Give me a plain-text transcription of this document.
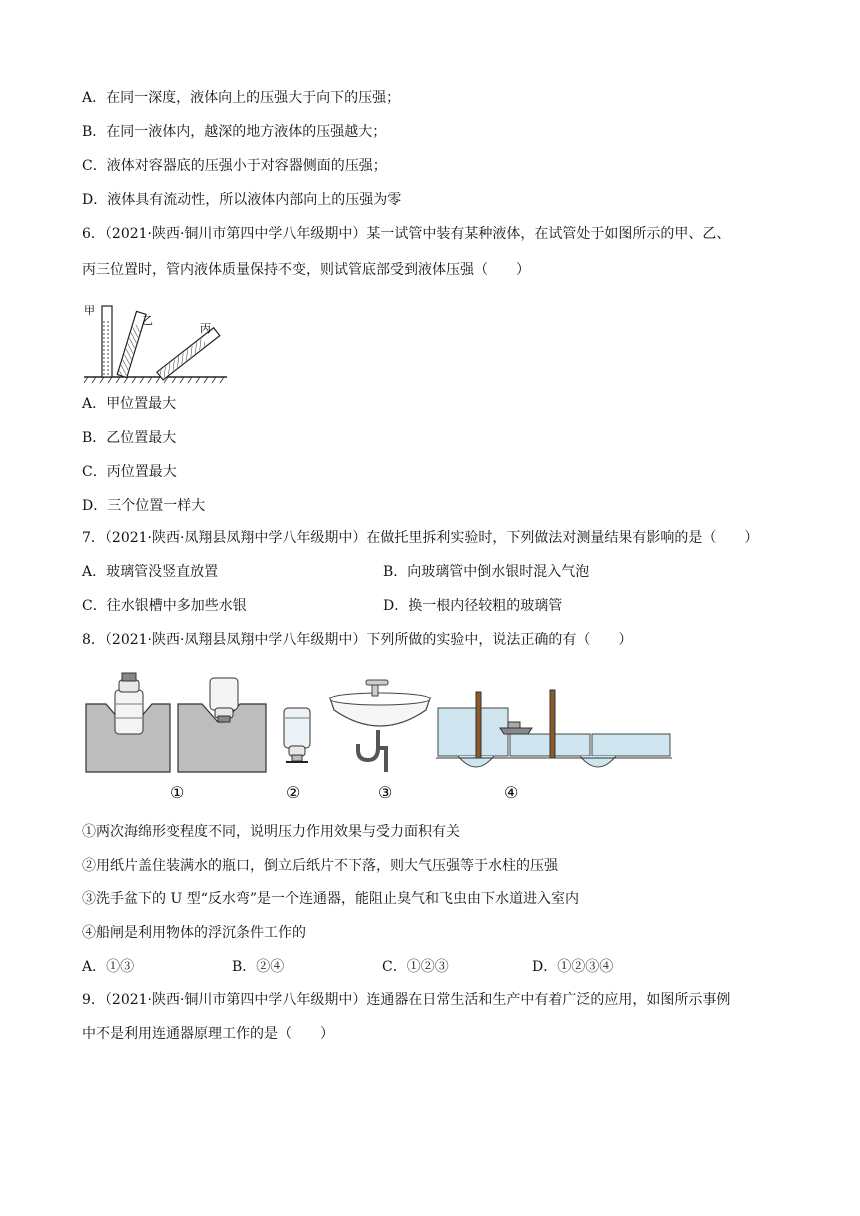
A．在同一深度，液体向上的压强大于向下的压强；
B．在同一液体内，越深的地方液体的压强越大；
C．液体对容器底的压强小于对容器侧面的压强；
D．液体具有流动性，所以液体内部向上的压强为零
6．（2021·陕西·铜川市第四中学八年级期中）某一试管中装有某种液体，在试管处于如图所示的甲、乙、
丙三位置时，管内液体质量保持不变，则试管底部受到液体压强（　　）
甲
乙
丙
A．甲位置最大
B．乙位置最大
C．丙位置最大
D．三个位置一样大
7．（2021·陕西·凤翔县凤翔中学八年级期中）在做托里拆利实验时，下列做法对测量结果有影响的是（　　）
A．玻璃管没竖直放置	B．向玻璃管中倒水银时混入气泡
C．往水银槽中多加些水银	D．换一根内径较粗的玻璃管
8．（2021·陕西·凤翔县凤翔中学八年级期中）下列所做的实验中，说法正确的有（　　）
①	②	③	④
①两次海绵形变程度不同，说明压力作用效果与受力面积有关
②用纸片盖住装满水的瓶口，倒立后纸片不下落，则大气压强等于水柱的压强
③洗手盆下的 U 型“反水弯”是一个连通器，能阻止臭气和飞虫由下水道进入室内
④船闸是利用物体的浮沉条件工作的
A．①③	B．②④	C．①②③	D．①②③④
9．（2021·陕西·铜川市第四中学八年级期中）连通器在日常生活和生产中有着广泛的应用，如图所示事例
中不是利用连通器原理工作的是（　　）
